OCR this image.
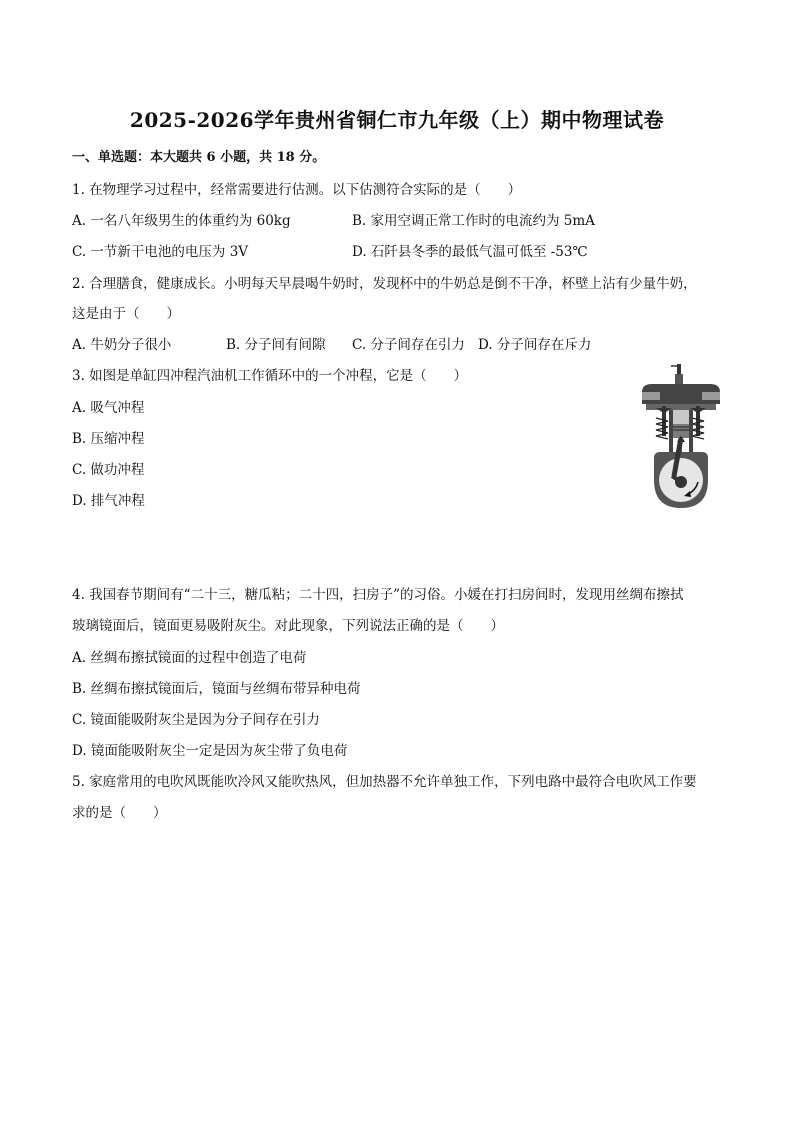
2025-2026学年贵州省铜仁市九年级（上）期中物理试卷
一、单选题：本大题共 6 小题，共 18 分。
1. 在物理学习过程中，经常需要进行估测。以下估测符合实际的是（　　）
A. 一名八年级男生的体重约为 60kg	B. 家用空调正常工作时的电流约为 5mA
C. 一节新干电池的电压为 3V	D. 石阡县冬季的最低气温可低至 -53℃
2. 合理膳食，健康成长。小明每天早晨喝牛奶时，发现杯中的牛奶总是倒不干净，杯壁上沾有少量牛奶，
这是由于（　　）
A. 牛奶分子很小	B. 分子间有间隙 C. 分子间存在引力 D. 分子间存在斥力
3. 如图是单缸四冲程汽油机工作循环中的一个冲程，它是（　　）
A. 吸气冲程
B. 压缩冲程
C. 做功冲程
D. 排气冲程
4. 我国春节期间有“二十三，糖瓜粘；二十四，扫房子”的习俗。小媛在打扫房间时，发现用丝绸布擦拭
玻璃镜面后，镜面更易吸附灰尘。对此现象，下列说法正确的是（　　）
A. 丝绸布擦拭镜面的过程中创造了电荷
B. 丝绸布擦拭镜面后，镜面与丝绸布带异种电荷
C. 镜面能吸附灰尘是因为分子间存在引力
D. 镜面能吸附灰尘一定是因为灰尘带了负电荷
5. 家庭常用的电吹风既能吹冷风又能吹热风，但加热器不允许单独工作，下列电路中最符合电吹风工作要
求的是（　　）
